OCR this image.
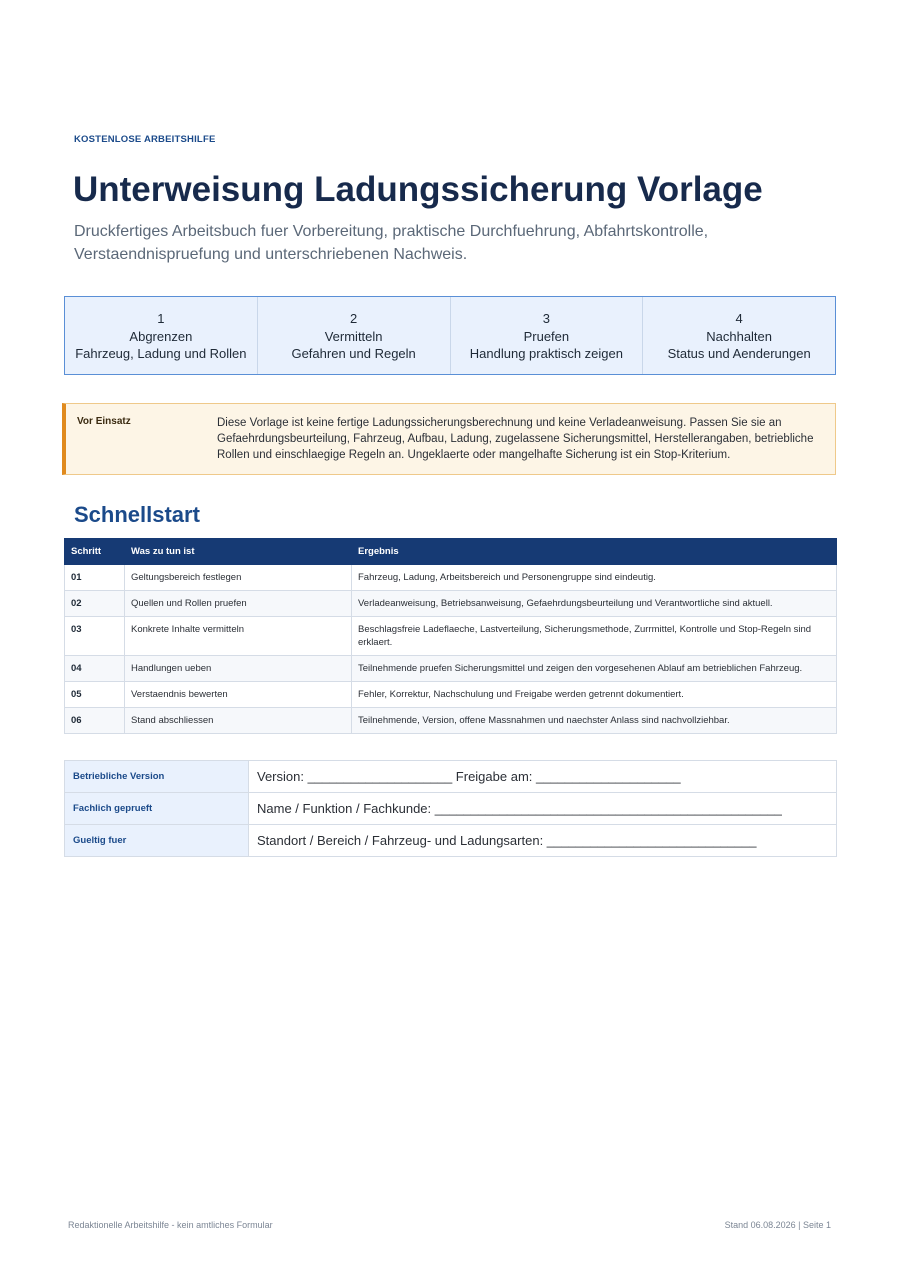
KOSTENLOSE ARBEITSHILFE
Unterweisung Ladungssicherung Vorlage

Druckfertiges Arbeitsbuch fuer Vorbereitung, praktische Durchfuehrung, Abfahrtskontrolle, Verstaendnispruefung und unterschriebenen Nachweis.

1
Abgrenzen
Fahrzeug, Ladung und Rollen
2
Vermitteln
Gefahren und Regeln
3
Pruefen
Handlung praktisch zeigen
4
Nachhalten
Status und Aenderungen
Vor Einsatz	Diese Vorlage ist keine fertige Ladungssicherungsberechnung und keine Verladeanweisung. Passen Sie sie an Gefaehrdungsbeurteilung, Fahrzeug, Aufbau, Ladung, zugelassene Sicherungsmittel, Herstellerangaben, betriebliche Rollen und einschlaegige Regeln an. Ungeklaerte oder mangelhafte Sicherung ist ein Stop-Kriterium.
Schnellstart
Schritt	Was zu tun ist	Ergebnis
01	Geltungsbereich festlegen	Fahrzeug, Ladung, Arbeitsbereich und Personengruppe sind eindeutig.
02	Quellen und Rollen pruefen	Verladeanweisung, Betriebsanweisung, Gefaehrdungsbeurteilung und Verantwortliche sind aktuell.
03	Konkrete Inhalte vermitteln	Beschlagsfreie Ladeflaeche, Lastverteilung, Sicherungsmethode, Zurrmittel, Kontrolle und Stop-Regeln sind erklaert.
04	Handlungen ueben	Teilnehmende pruefen Sicherungsmittel und zeigen den vorgesehenen Ablauf am betrieblichen Fahrzeug.
05	Verstaendnis bewerten	Fehler, Korrektur, Nachschulung und Freigabe werden getrennt dokumentiert.
06	Stand abschliessen	Teilnehmende, Version, offene Massnahmen und naechster Anlass sind nachvollziehbar.
Betriebliche Version	Version: ____________________ Freigabe am: ____________________
Fachlich geprueft	Name / Funktion / Fachkunde: ________________________________________________
Gueltig fuer	Standort / Bereich / Fahrzeug- und Ladungsarten: _____________________________
Redaktionelle Arbeitshilfe - kein amtliches Formular	Stand 06.08.2026 | Seite 1
